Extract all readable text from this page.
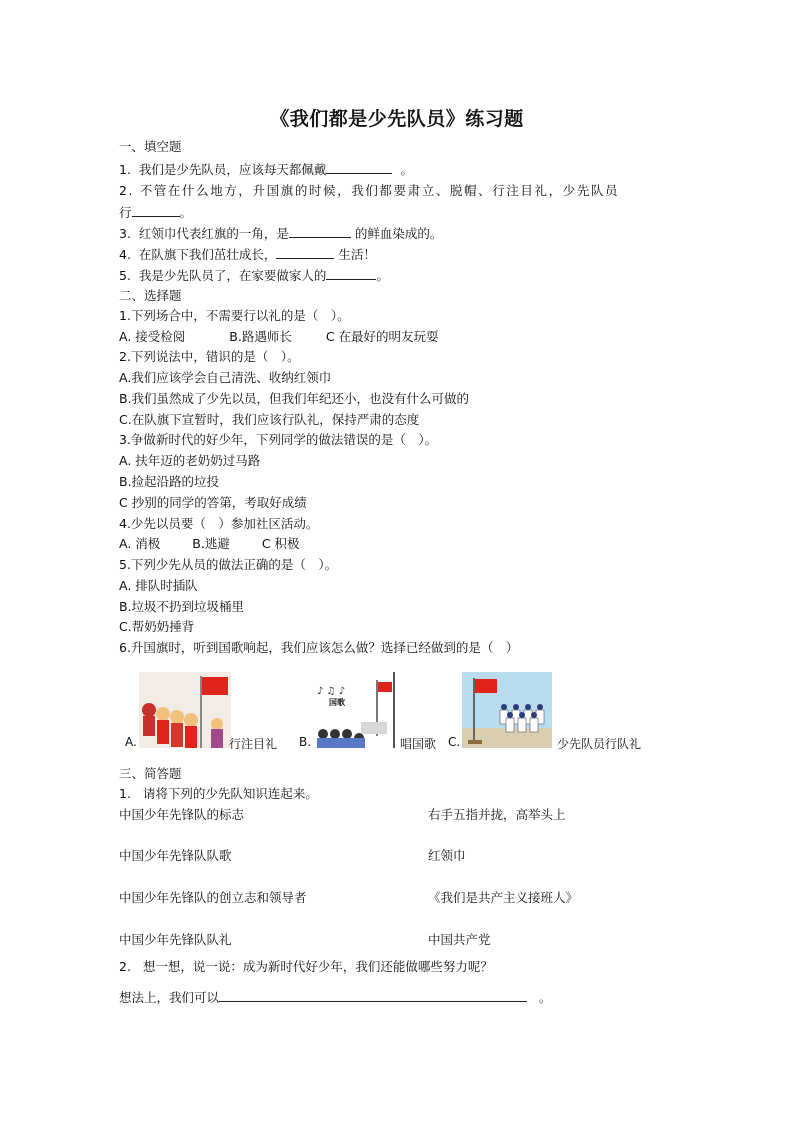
《我们都是少先队员》练习题
一、填空题
1. 我们是少先队员，应该每天都佩戴	。
2. 不管在什么地方，升国旗的时候，我们都要肃立、脱帽、行注目礼，少先队员
行	。
3. 红领巾代表红旗的一角，是	的鲜血染成的。
4. 在队旗下我们茁壮成长，	生活！
5. 我是少先队员了，在家要做家人的	。
二、选择题
1.下列场合中，不需要行以礼的是（　）。
A. 接受检阅	B.路遇师长	C 在最好的明友玩耍
2.下列说法中，错识的是（　）。
A.我们应该学会自己清洗、收纳红领巾
B.我们虽然成了少先以员，但我们年纪还小，也没有什么可做的
C.在队旗下宣暂时，我们应该行队礼，保持严肃的态度
3.争做新时代的好少年，下列同学的做法错误的是（　）。
A. 扶年迈的老奶奶过马路
B.捡起沿路的垃投
C 抄别的同学的答第，考取好成绩
4.少先以员要（　）参加社区活动。
A. 消极	B.逃避	C 积极
5.下列少先从员的做法正确的是（　）。
A. 排队时插队
B.垃圾不扔到垃圾桶里
C.帮奶奶捶背
6.升国旗时，听到国歌响起，我们应该怎么做？选择已经做到的是（　）
A.	行注目礼
♪ ♫ ♪
国歌
B.	唱国歌 C.	少先队员行队礼
三、简答题
1. 请将下列的少先队知识连起来。
中国少年先锋队的标志	右手五指并拢，高举头上
中国少年先锋队队歌	红领巾
中国少年先锋队的创立志和领导者	《我们是共产主义接班人》
中国少年先锋队队礼	中国共产党
2. 想一想，说一说：成为新时代好少年，我们还能做哪些努力呢？
想法上，我们可以	。
